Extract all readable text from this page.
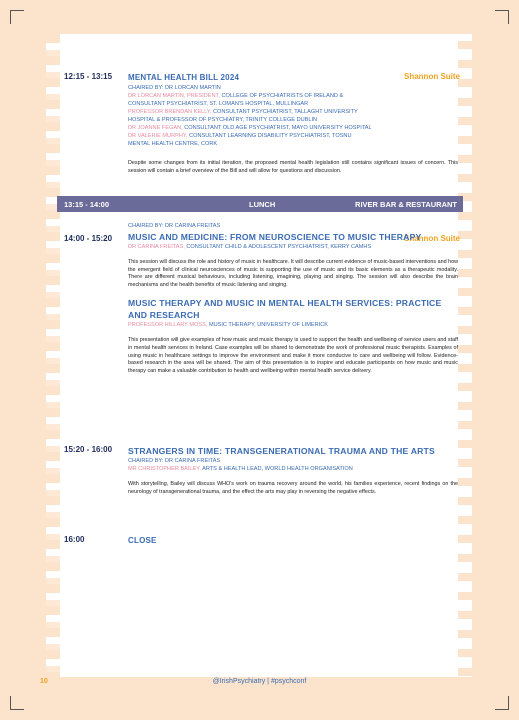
12:15 - 13:15	Shannon Suite
MENTAL HEALTH BILL 2024
CHAIRED BY: DR LORCAN MARTIN
DR LORCAN MARTIN, PRESIDENT, COLLEGE OF PSYCHIATRISTS OF IRELAND &
CONSULTANT PSYCHIATRIST, ST. LOMAN'S HOSPITAL, MULLINGAR
PROFESSOR BRENDAN KELLY, CONSULTANT PSYCHIATRIST, TALLAGHT UNIVERSITY
HOSPITAL & PROFESSOR OF PSYCHIATRY, TRINITY COLLEGE DUBLIN
DR JOANNE FEGAN, CONSULTANT OLD AGE PSYCHIATRIST, MAYO UNIVERSITY HOSPITAL
DR VALERIE MURPHY, CONSULTANT LEARNING DISABILITY PSYCHIATRIST, TOSNU
MENTAL HEALTH CENTRE, CORK
Despite some changes from its initial iteration, the proposed mental health legislation still contains significant issues of concern. This session will contain a brief overview of the Bill and will allow for questions and discussion.
13:15 - 14:00	LUNCH	RIVER BAR & RESTAURANT
CHAIRED BY: DR CARINA FREITAS
14:00 - 15:20	Shannon Suite
MUSIC AND MEDICINE: FROM NEUROSCIENCE TO MUSIC THERAPY
DR CARINA FREITAS, CONSULTANT CHILD & ADOLESCENT PSYCHIATRIST, KERRY CAMHS
This session will discuss the role and history of music in healthcare. It will describe current evidence of music-based interventions and how the emergent field of clinical neurosciences of music is supporting the use of music and its basic elements as a therapeutic modality. There are different musical behaviours, including listening, imagining, playing and singing. The session will also describe the brain mechanisms and the health benefits of music listening and singing.
MUSIC THERAPY AND MUSIC IN MENTAL HEALTH SERVICES: PRACTICE AND RESEARCH
PROFESSOR HILLARY MOSS, MUSIC THERAPY, UNIVERSITY OF LIMERICK
This presentation will give examples of how music and music therapy is used to support the health and wellbeing of service users and staff in mental health services in Ireland. Case examples will be shared to demonstrate the work of professional music therapists. Examples of using music in healthcare settings to improve the environment and make it more conducive to care and wellbeing will follow. Evidence-based research in the area will be shared. The aim of this presentation is to inspire and educate participants on how music and music therapy can make a valuable contribution to health and wellbeing within mental health service delivery.
15:20 - 16:00 STRANGERS IN TIME: TRANSGENERATIONAL TRAUMA AND THE ARTS
CHAIRED BY: DR CARINA FREITAS
MR CHRISTOPHER BAILEY, ARTS & HEALTH LEAD, WORLD HEALTH ORGANISATION
With storytelling, Bailey will discuss WHO's work on trauma recovery around the world, his families experience, recent findings on the neurology of transgenerational trauma, and the effect the arts may play in reversing the negative effects.
16:00	CLOSE
10	@IrishPsychiatry | #psychconf
